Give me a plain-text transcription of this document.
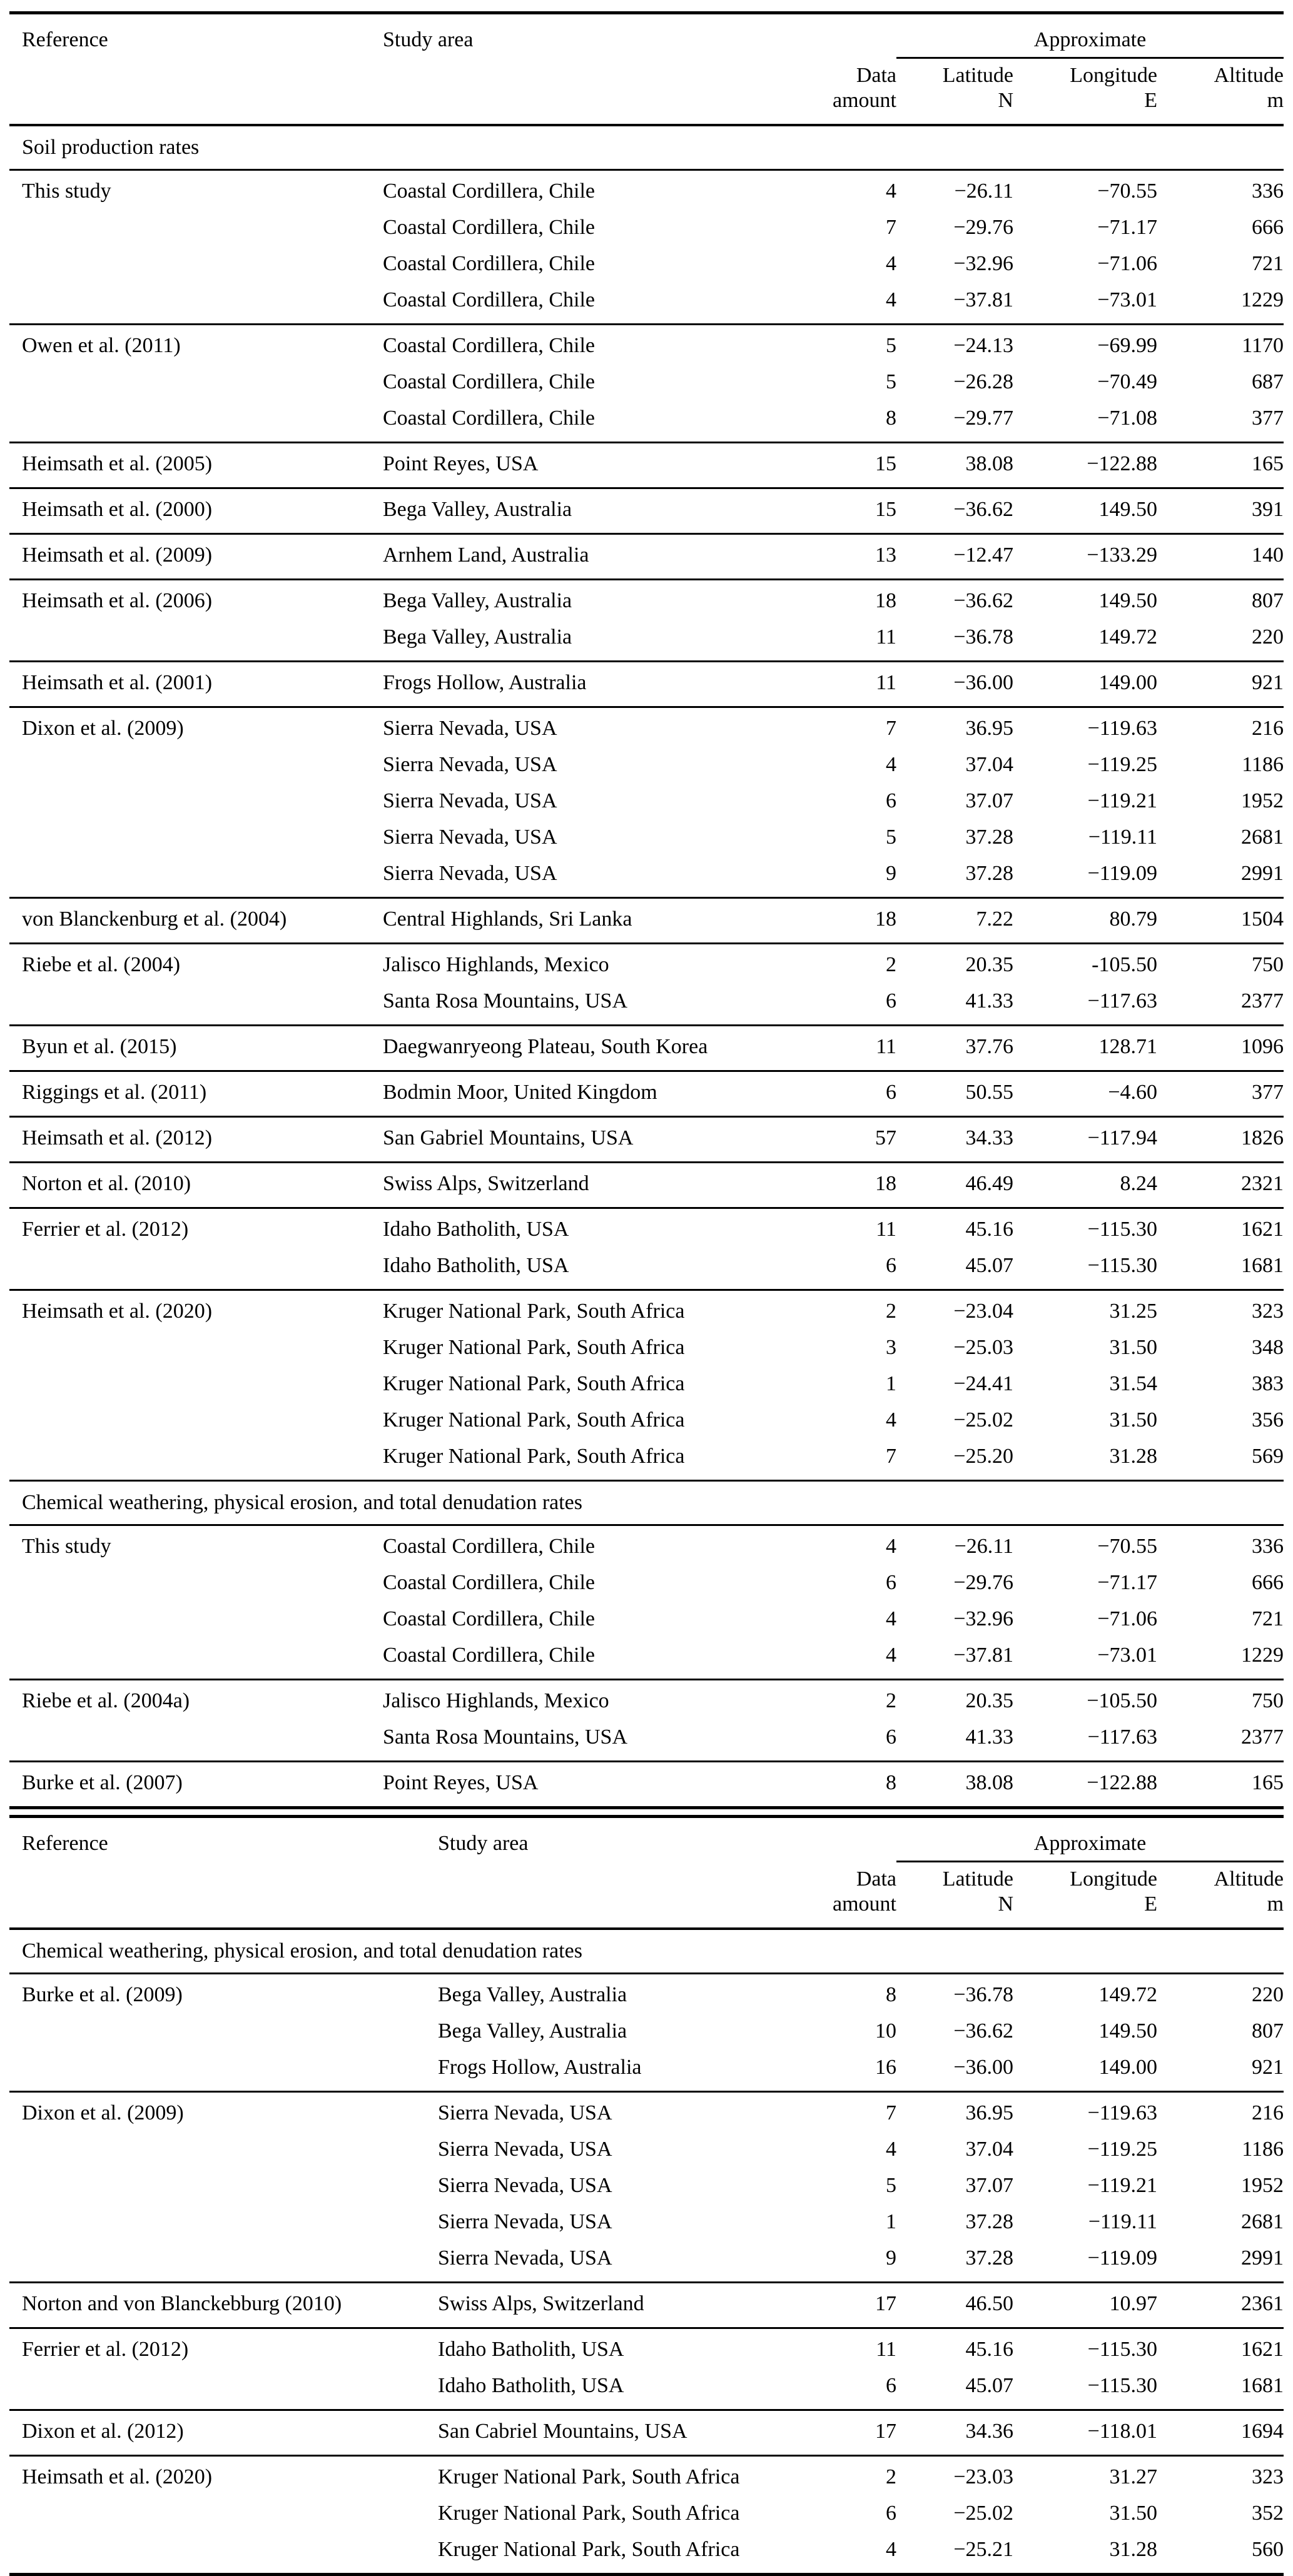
Reference	Study area		Approximate		
		Data	Latitude	Longitude	Altitude
		amount	N	E	m
Soil production rates					
This study	Coastal Cordillera, Chile	4	−26.11	−70.55	336
	Coastal Cordillera, Chile	7	−29.76	−71.17	666
	Coastal Cordillera, Chile	4	−32.96	−71.06	721
	Coastal Cordillera, Chile	4	−37.81	−73.01	1229
Owen et al. (2011)	Coastal Cordillera, Chile	5	−24.13	−69.99	1170
	Coastal Cordillera, Chile	5	−26.28	−70.49	687
	Coastal Cordillera, Chile	8	−29.77	−71.08	377
Heimsath et al. (2005)	Point Reyes, USA	15	38.08	−122.88	165
Heimsath et al. (2000)	Bega Valley, Australia	15	−36.62	149.50	391
Heimsath et al. (2009)	Arnhem Land, Australia	13	−12.47	−133.29	140
Heimsath et al. (2006)	Bega Valley, Australia	18	−36.62	149.50	807
	Bega Valley, Australia	11	−36.78	149.72	220
Heimsath et al. (2001)	Frogs Hollow, Australia	11	−36.00	149.00	921
Dixon et al. (2009)	Sierra Nevada, USA	7	36.95	−119.63	216
	Sierra Nevada, USA	4	37.04	−119.25	1186
	Sierra Nevada, USA	6	37.07	−119.21	1952
	Sierra Nevada, USA	5	37.28	−119.11	2681
	Sierra Nevada, USA	9	37.28	−119.09	2991
von Blanckenburg et al. (2004)	Central Highlands, Sri Lanka	18	7.22	80.79	1504
Riebe et al. (2004)	Jalisco Highlands, Mexico	2	20.35	-105.50	750
	Santa Rosa Mountains, USA	6	41.33	−117.63	2377
Byun et al. (2015)	Daegwanryeong Plateau, South Korea	11	37.76	128.71	1096
Riggings et al. (2011)	Bodmin Moor, United Kingdom	6	50.55	−4.60	377
Heimsath et al. (2012)	San Gabriel Mountains, USA	57	34.33	−117.94	1826
Norton et al. (2010)	Swiss Alps, Switzerland	18	46.49	8.24	2321
Ferrier et al. (2012)	Idaho Batholith, USA	11	45.16	−115.30	1621
	Idaho Batholith, USA	6	45.07	−115.30	1681
Heimsath et al. (2020)	Kruger National Park, South Africa	2	−23.04	31.25	323
	Kruger National Park, South Africa	3	−25.03	31.50	348
	Kruger National Park, South Africa	1	−24.41	31.54	383
	Kruger National Park, South Africa	4	−25.02	31.50	356
	Kruger National Park, South Africa	7	−25.20	31.28	569
Chemical weathering, physical erosion, and total denudation rates					
This study	Coastal Cordillera, Chile	4	−26.11	−70.55	336
	Coastal Cordillera, Chile	6	−29.76	−71.17	666
	Coastal Cordillera, Chile	4	−32.96	−71.06	721
	Coastal Cordillera, Chile	4	−37.81	−73.01	1229
Riebe et al. (2004a)	Jalisco Highlands, Mexico	2	20.35	−105.50	750
	Santa Rosa Mountains, USA	6	41.33	−117.63	2377
Burke et al. (2007)	Point Reyes, USA	8	38.08	−122.88	165
Reference	Study area		Approximate		
		Data	Latitude	Longitude	Altitude
		amount	N	E	m
Chemical weathering, physical erosion, and total denudation rates					
Burke et al. (2009)	Bega Valley, Australia	8	−36.78	149.72	220
	Bega Valley, Australia	10	−36.62	149.50	807
	Frogs Hollow, Australia	16	−36.00	149.00	921
Dixon et al. (2009)	Sierra Nevada, USA	7	36.95	−119.63	216
	Sierra Nevada, USA	4	37.04	−119.25	1186
	Sierra Nevada, USA	5	37.07	−119.21	1952
	Sierra Nevada, USA	1	37.28	−119.11	2681
	Sierra Nevada, USA	9	37.28	−119.09	2991
Norton and von Blanckebburg (2010)	Swiss Alps, Switzerland	17	46.50	10.97	2361
Ferrier et al. (2012)	Idaho Batholith, USA	11	45.16	−115.30	1621
	Idaho Batholith, USA	6	45.07	−115.30	1681
Dixon et al. (2012)	San Cabriel Mountains, USA	17	34.36	−118.01	1694
Heimsath et al. (2020)	Kruger National Park, South Africa	2	−23.03	31.27	323
	Kruger National Park, South Africa	6	−25.02	31.50	352
	Kruger National Park, South Africa	4	−25.21	31.28	560
